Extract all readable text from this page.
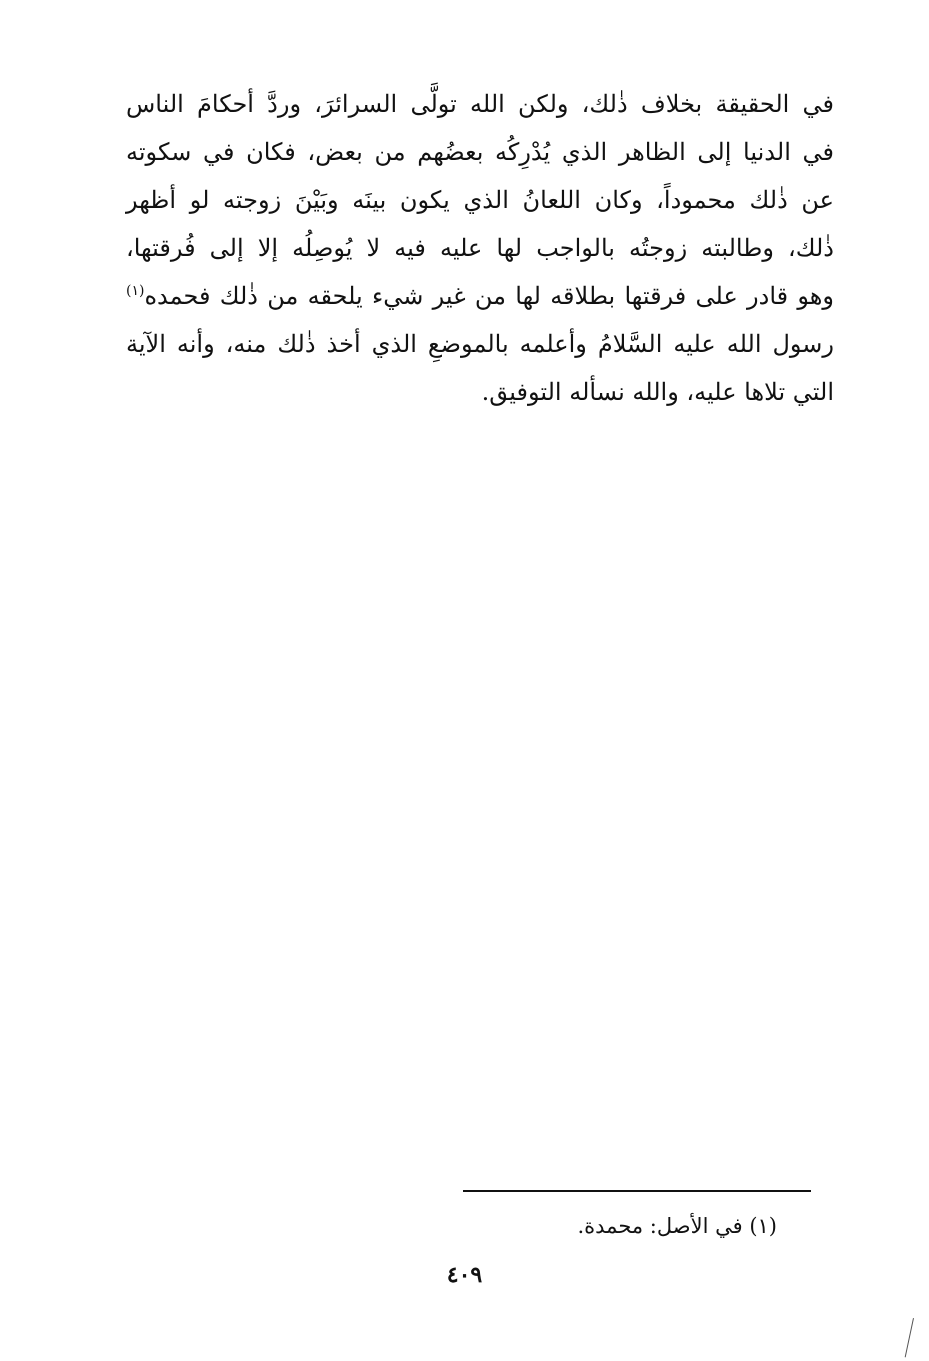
في الحقيقة بخلاف ذٰلك، ولكن الله تولَّى السرائرَ، وردَّ أحكامَ الناس
في الدنيا إلى الظاهر الذي يُدْرِكُه بعضُهم من بعض، فكان في سكوته
عن ذٰلك محموداً، وكان اللعانُ الذي يكون بينَه وبَيْنَ زوجته لو أظهر
ذٰلك، وطالبته زوجتُه بالواجب لها عليه فيه لا يُوصِلُه إلا إلى فُرقتها،
وهو قادر على فرقتها بطلاقه لها من غير شيء يلحقه من ذٰلك فحمده$^{(١)}$
رسول الله عليه السَّلامُ وأعلمه بالموضعِ الذي أخذ ذٰلك منه، وأنه الآية
التي تلاها عليه، والله نسأله التوفيق.
(١) في الأصل: محمدة.
٤٠٩
